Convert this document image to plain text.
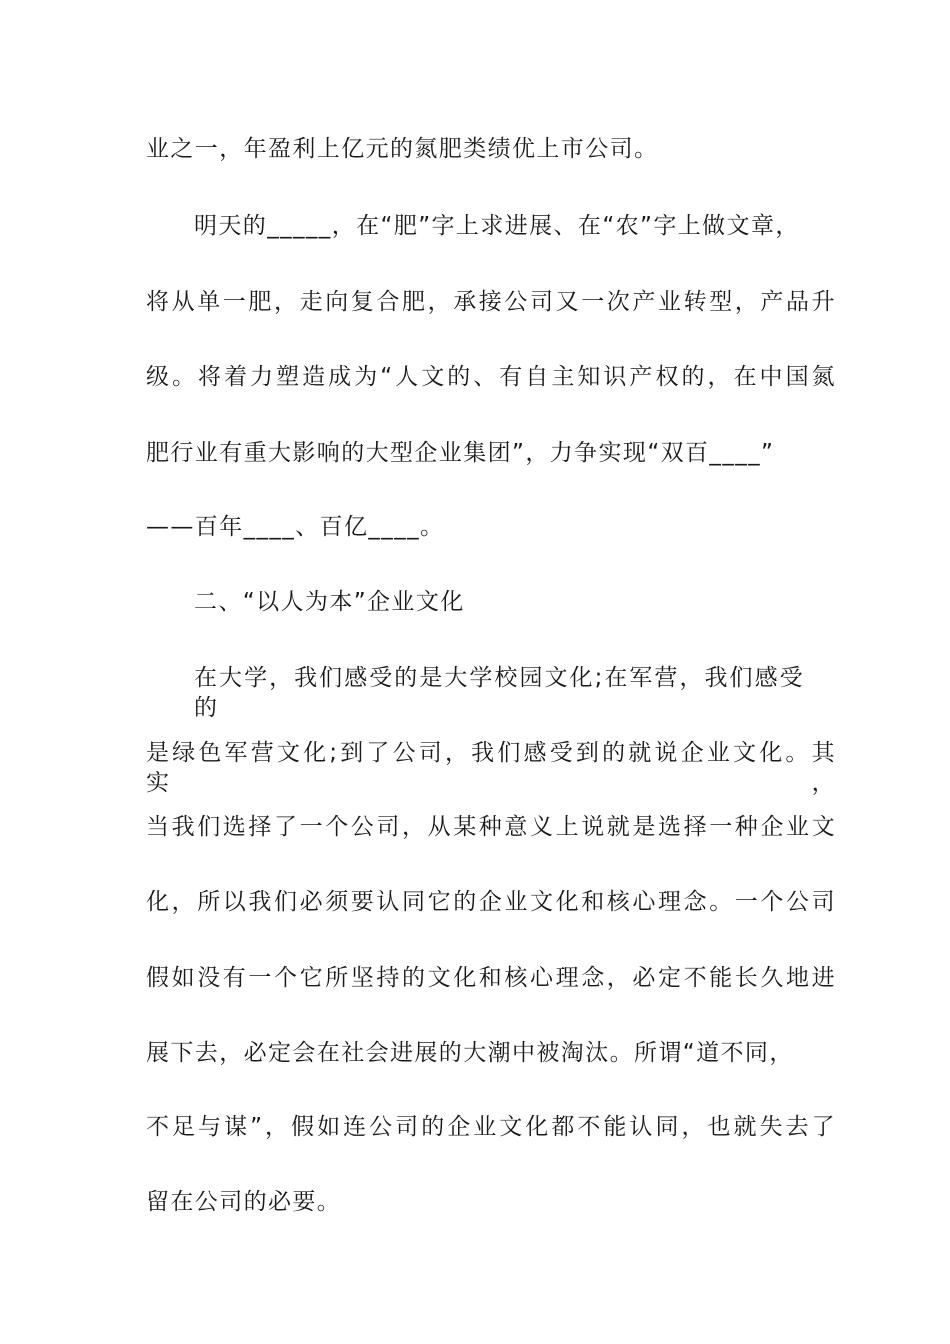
业之一，年盈利上亿元的氮肥类绩优上市公司。
明天的_____，在“肥”字上求进展、在“农”字上做文章，
将从单一肥，走向复合肥，承接公司又一次产业转型，产品升
级。将着力塑造成为“人文的、有自主知识产权的，在中国氮
肥行业有重大影响的大型企业集团”，力争实现“双百____”
——百年____、百亿____。
二、“以人为本”企业文化
在大学，我们感受的是大学校园文化;在军营，我们感受的
是绿色军营文化;到了公司，我们感受到的就说企业文化。其实，
当我们选择了一个公司，从某种意义上说就是选择一种企业文
化，所以我们必须要认同它的企业文化和核心理念。一个公司
假如没有一个它所坚持的文化和核心理念，必定不能长久地进
展下去，必定会在社会进展的大潮中被淘汰。所谓“道不同，
不足与谋”，假如连公司的企业文化都不能认同，也就失去了
留在公司的必要。
